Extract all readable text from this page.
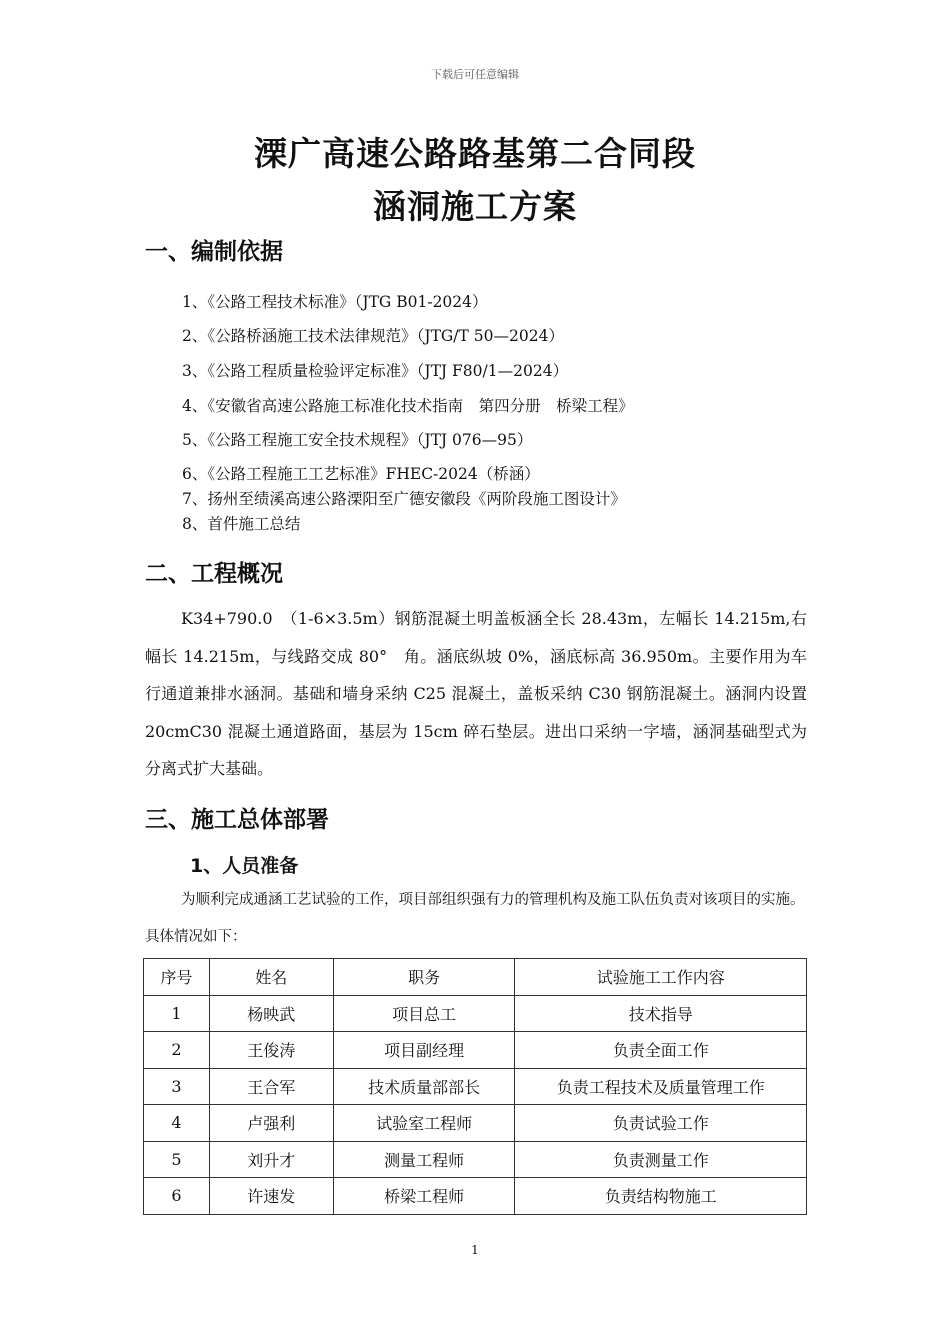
下载后可任意编辑
溧广高速公路路基第二合同段
涵洞施工方案
一、编制依据
1、《公路工程技术标准》（JTG B01-2024）
2、《公路桥涵施工技术法律规范》（JTG/T 50—2024）
3、《公路工程质量检验评定标准》（JTJ F80/1—2024）
4、《安徽省高速公路施工标准化技术指南　第四分册　桥梁工程》
5、《公路工程施工安全技术规程》（JTJ 076—95）
6、《公路工程施工工艺标准》FHEC-2024（桥涵）
7、扬州至绩溪高速公路溧阳至广德安徽段《两阶段施工图设计》
8、首件施工总结
二、工程概况

K34+790.0　（1-6×3.5m）钢筋混凝土明盖板涵全长 28.43m，左幅长 14.215m,右幅长 14.215m，与线路交成 80°　角。涵底纵坡 0%，涵底标高 36.950m。主要作用为车行通道兼排水涵洞。基础和墙身采纳 C25 混凝土，盖板采纳 C30 钢筋混凝土。涵洞内设置 20cmC30 混凝土通道路面，基层为 15cm 碎石垫层。进出口采纳一字墙，涵洞基础型式为分离式扩大基础。

三、施工总体部署
1、人员准备

为顺利完成通涵工艺试验的工作，项目部组织强有力的管理机构及施工队伍负责对该项目的实施。具体情况如下：

序号	姓名	职务	试验施工工作内容
1	杨映武	项目总工	技术指导
2	王俊涛	项目副经理	负责全面工作
3	王合军	技术质量部部长	负责工程技术及质量管理工作
4	卢强利	试验室工程师	负责试验工作
5	刘升才	测量工程师	负责测量工作
6	许速发	桥梁工程师	负责结构物施工
1
